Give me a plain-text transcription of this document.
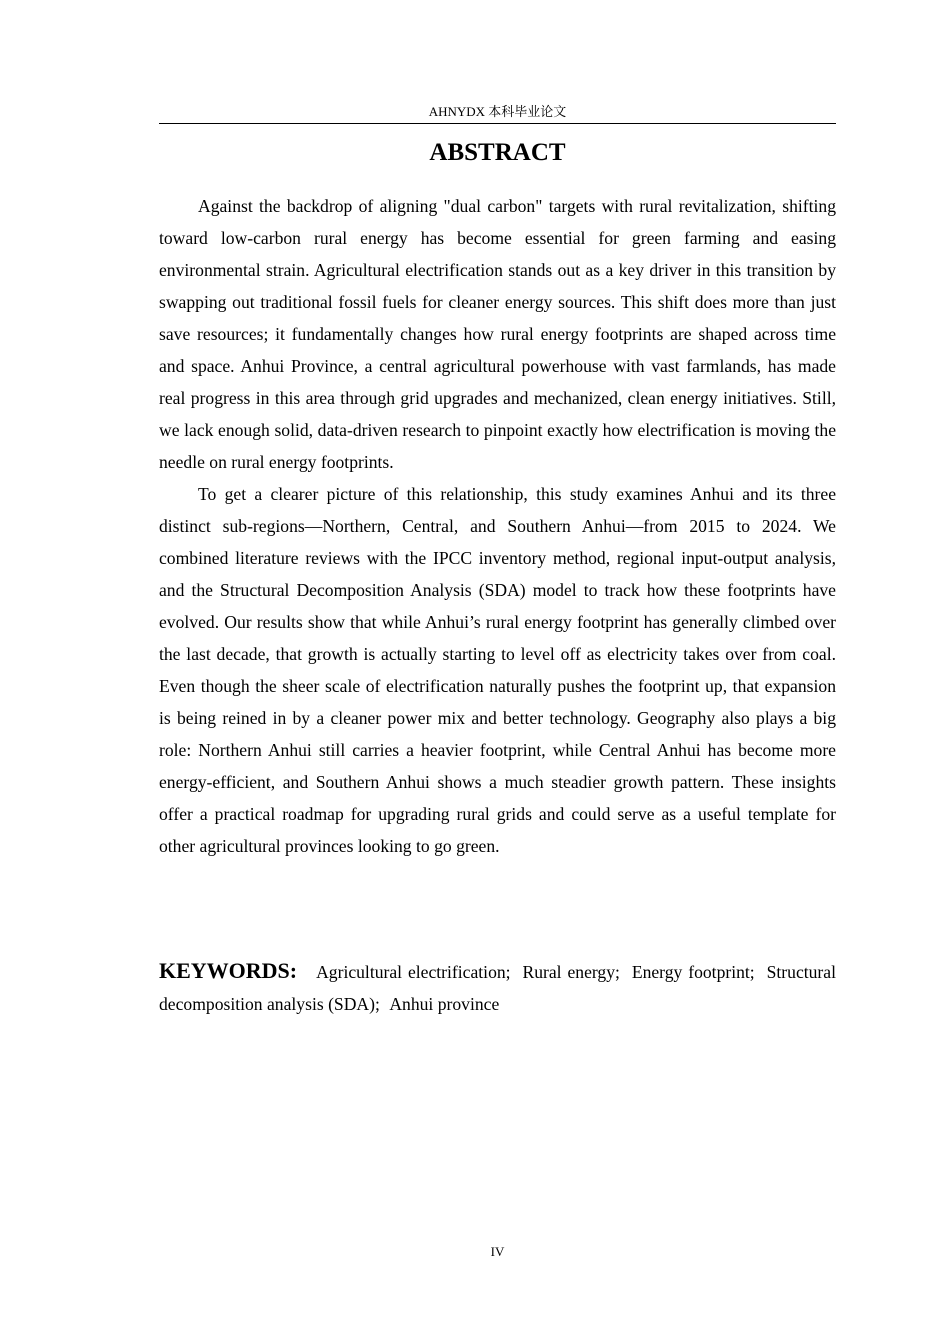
AHNYDX 本科毕业论文
ABSTRACT

Against the backdrop of aligning "dual carbon" targets with rural revitalization, shifting toward low-carbon rural energy has become essential for green farming and easing environmental strain. Agricultural electrification stands out as a key driver in this transition by swapping out traditional fossil fuels for cleaner energy sources. This shift does more than just save resources; it fundamentally changes how rural energy footprints are shaped across time and space. Anhui Province, a central agricultural powerhouse with vast farmlands, has made real progress in this area through grid upgrades and mechanized, clean energy initiatives. Still, we lack enough solid, data-driven research to pinpoint exactly how electrification is moving the needle on rural energy footprints.

To get a clearer picture of this relationship, this study examines Anhui and its three distinct sub-regions—Northern, Central, and Southern Anhui—from 2015 to 2024. We combined literature reviews with the IPCC inventory method, regional input-output analysis, and the Structural Decomposition Analysis (SDA) model to track how these footprints have evolved. Our results show that while Anhui’s rural energy footprint has generally climbed over the last decade, that growth is actually starting to level off as electricity takes over from coal. Even though the sheer scale of electrification naturally pushes the footprint up, that expansion is being reined in by a cleaner power mix and better technology. Geography also plays a big role: Northern Anhui still carries a heavier footprint, while Central Anhui has become more energy-efficient, and Southern Anhui shows a much steadier growth pattern. These insights offer a practical roadmap for upgrading rural grids and could serve as a useful template for other agricultural provinces looking to go green.

KEYWORDS: Agricultural electrification; Rural energy; Energy footprint; Structural decomposition analysis (SDA); Anhui province

IV
